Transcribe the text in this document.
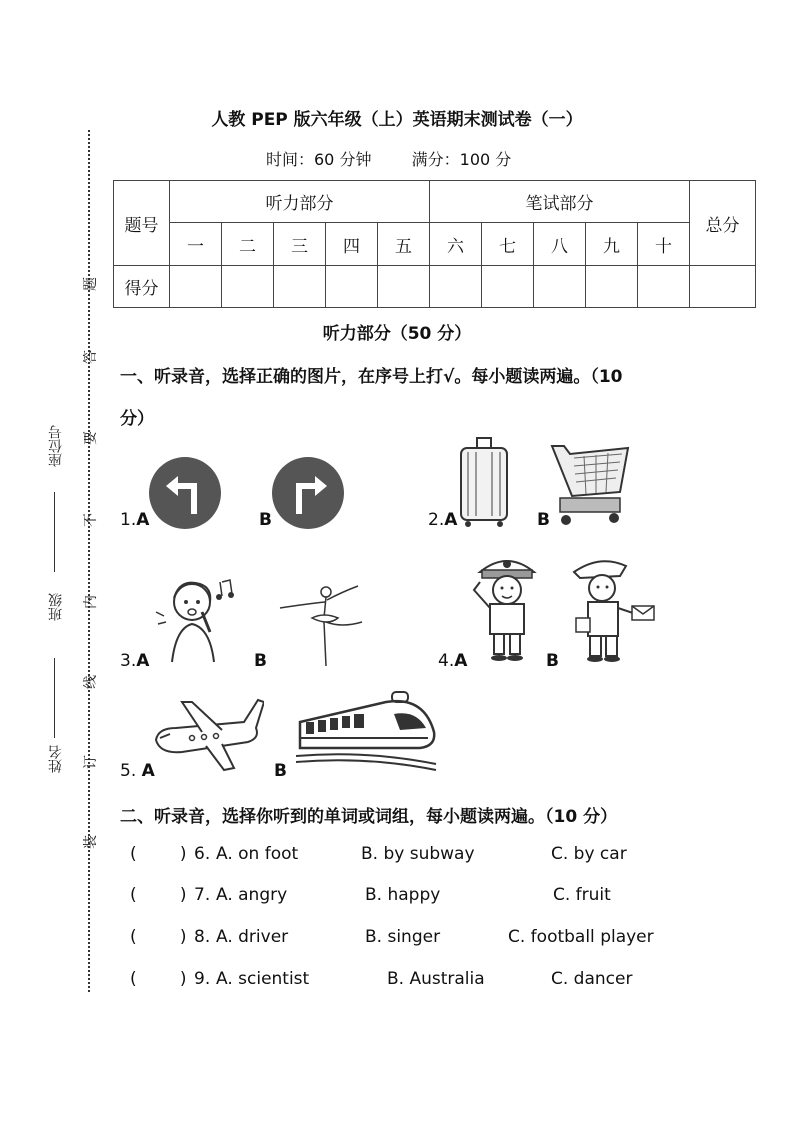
座位号
班级
姓名
题
答
要
不
内
线
订
装
人教 PEP 版六年级（上）英语期末测试卷（一）
时间：60 分钟	满分：100 分
题号	听力部分					笔试部分					总分
	一	二	三	四	五	六	七	八	九	十	
得分											
听力部分（50 分）
一、听录音，选择正确的图片，在序号上打√。每小题读两遍。（10
分）
1.A	B	2.A	B
3.A	B	4.A	B
5. A	B
二、听录音，选择你听到的单词或词组，每小题读两遍。（10 分）
(        ) 6. A. on foot	B. by subway	C. by car
(        ) 7. A. angry	B. happy	C. fruit
(        ) 8. A. driver	B. singer	C. football player
(        ) 9. A. scientist	B. Australia	C. dancer
